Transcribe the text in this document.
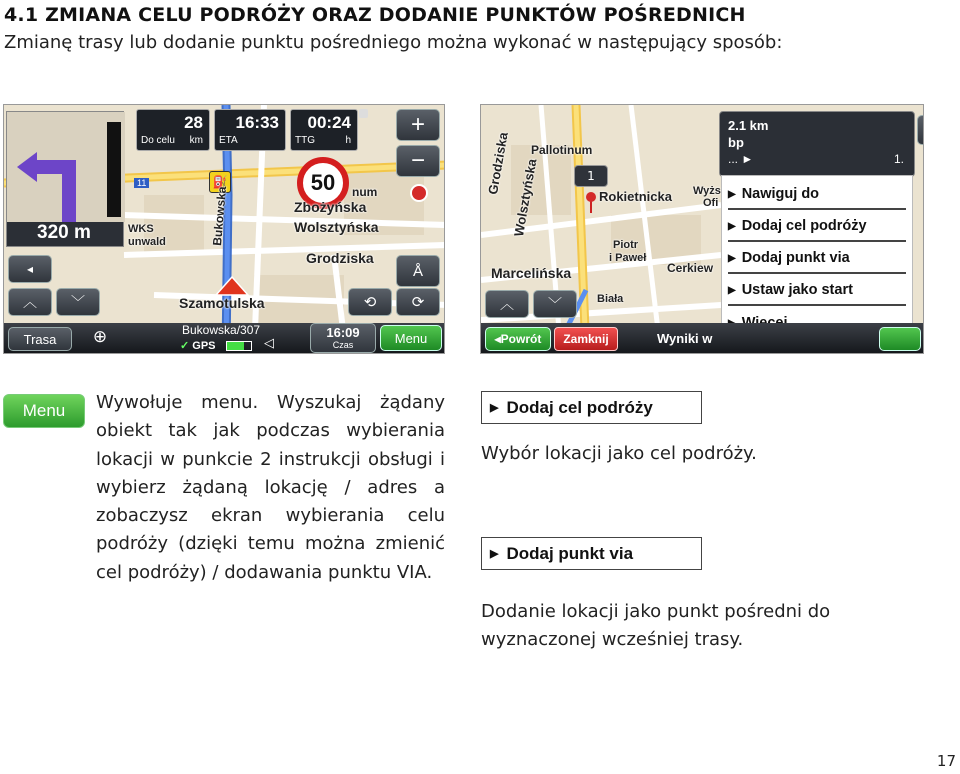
4.1 ZMIANA CELU PODRÓŻY ORAZ DODANIE PUNKTÓW POŚREDNICH
Zmianę trasy lub dodanie punktu pośredniego można wykonać w następujący sposób:
320 m
11
28
Do celu km
16:33
ETA
00:24
TTG	h
50
⛽
num
Zbożyńska
Wolsztyńska
Grodziska
Szamotulska
Bukowska
WKS
unwald
+
−
Å
◂
︿	﹀	⟲	⟳
Trasa	⊕	Bukowska/307
✓ GPS	◁
16:09
Czas	Menu
Grodziska Wolsztyńska
Pallotinum
Rokietnicka Wyżs
Ofi
Piotr
i Paweł
Cerkiew
Marcelińska
Biała
1
︿	﹀
2.1 km
bp
... ►	1.
▶ Nawiguj do
▶ Dodaj cel podróży
▶ Dodaj punkt via
▶ Ustaw jako start
◂ Powrót	Zamknij	Wyniki w
Menu	Wywołuje menu. Wyszukaj żądany obiekt tak jak podczas wybierania lokacji w punkcie 2 instrukcji obsługi i wybierz żądaną lokację / adres a zobaczysz ekran wybierania celu podróży (dzięki temu można zmienić cel podróży) / dodawania punktu VIA.
▶ Dodaj cel podróży
Wybór lokacji jako cel podróży.
▶ Dodaj punkt via
Dodanie lokacji jako punkt pośredni do wyznaczonej wcześniej trasy.
17
